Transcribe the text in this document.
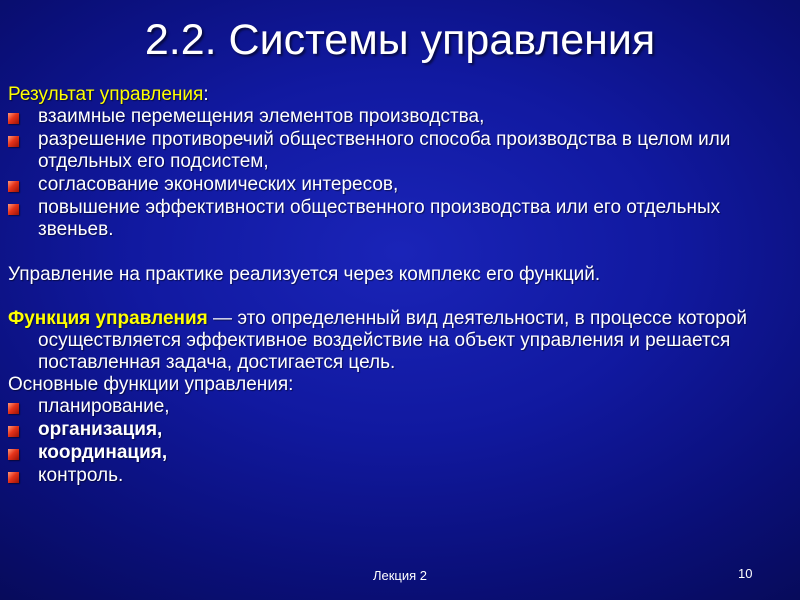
2.2. Системы управления

Результат управления:

взаимные перемещения элементов производства,
разрешение противоречий общественного способа производства в целом или отдельных его подсистем,
согласование экономических интересов,
повышение эффективности общественного производства или его отдельных звеньев.

Управление на практике реализуется через комплекс его функций.

Функция управления — это определенный вид деятельности, в процессе которой осуществляется эффективное воздействие на объект управления и решается поставленная задача, достигается цель.

Основные функции управления:

планирование,
организация,
координация,
контроль.
Лекция 2	10
